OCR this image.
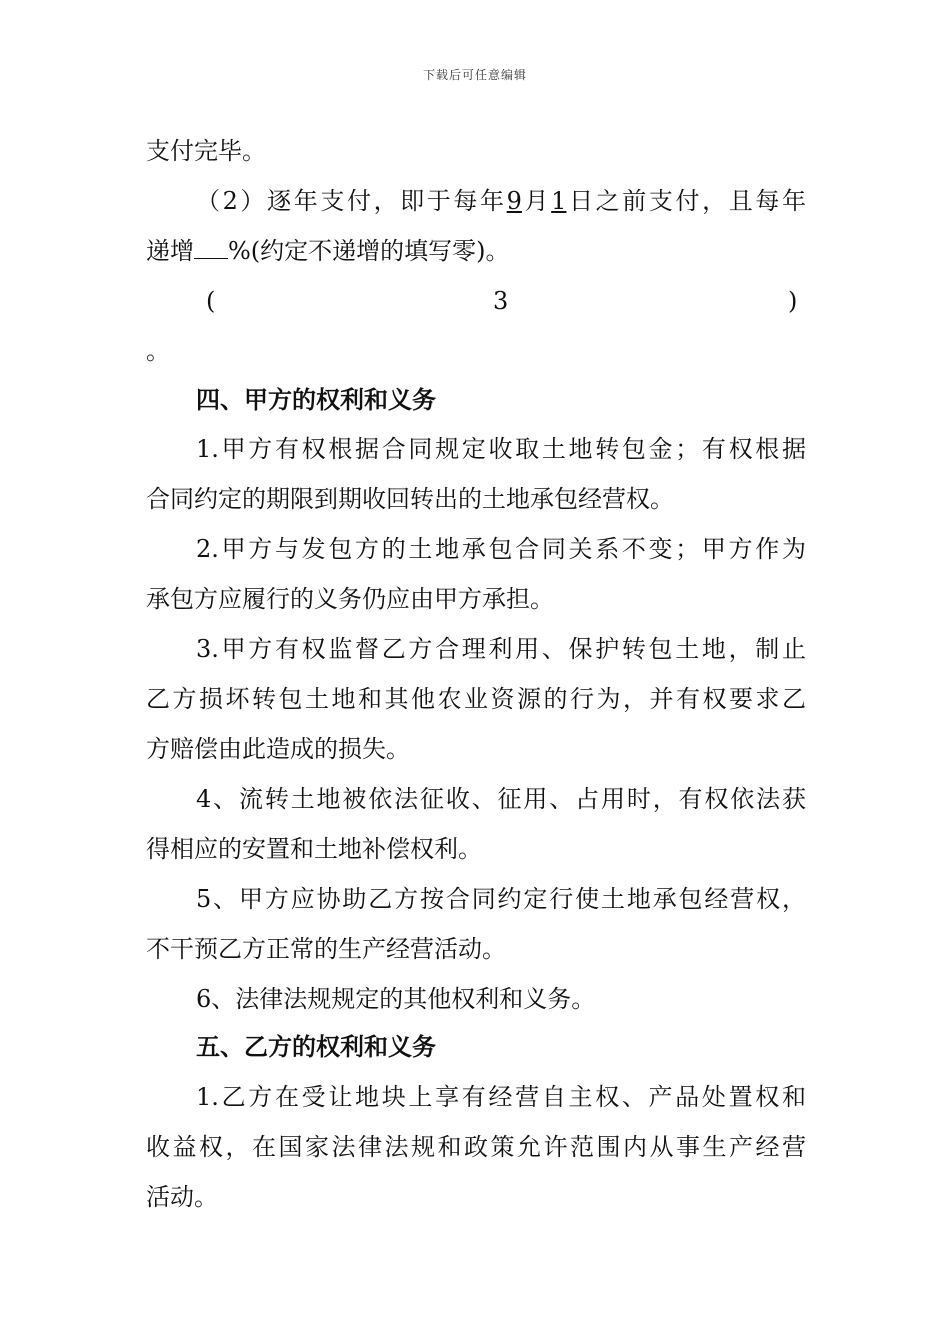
下载后可任意编辑
支付完毕。
（2）逐年支付，即于每年9月1日之前支付，且每年
递增 %(约定不递增的填写零)。
(	3	)
。
四、甲方的权利和义务
1.甲方有权根据合同规定收取土地转包金；有权根据
合同约定的期限到期收回转出的土地承包经营权。
2.甲方与发包方的土地承包合同关系不变；甲方作为
承包方应履行的义务仍应由甲方承担。
3.甲方有权监督乙方合理利用、保护转包土地，制止
乙方损坏转包土地和其他农业资源的行为，并有权要求乙
方赔偿由此造成的损失。
4、流转土地被依法征收、征用、占用时，有权依法获
得相应的安置和土地补偿权利。
5、甲方应协助乙方按合同约定行使土地承包经营权，
不干预乙方正常的生产经营活动。
6、法律法规规定的其他权利和义务。
五、乙方的权利和义务
1.乙方在受让地块上享有经营自主权、产品处置权和
收益权，在国家法律法规和政策允许范围内从事生产经营
活动。
